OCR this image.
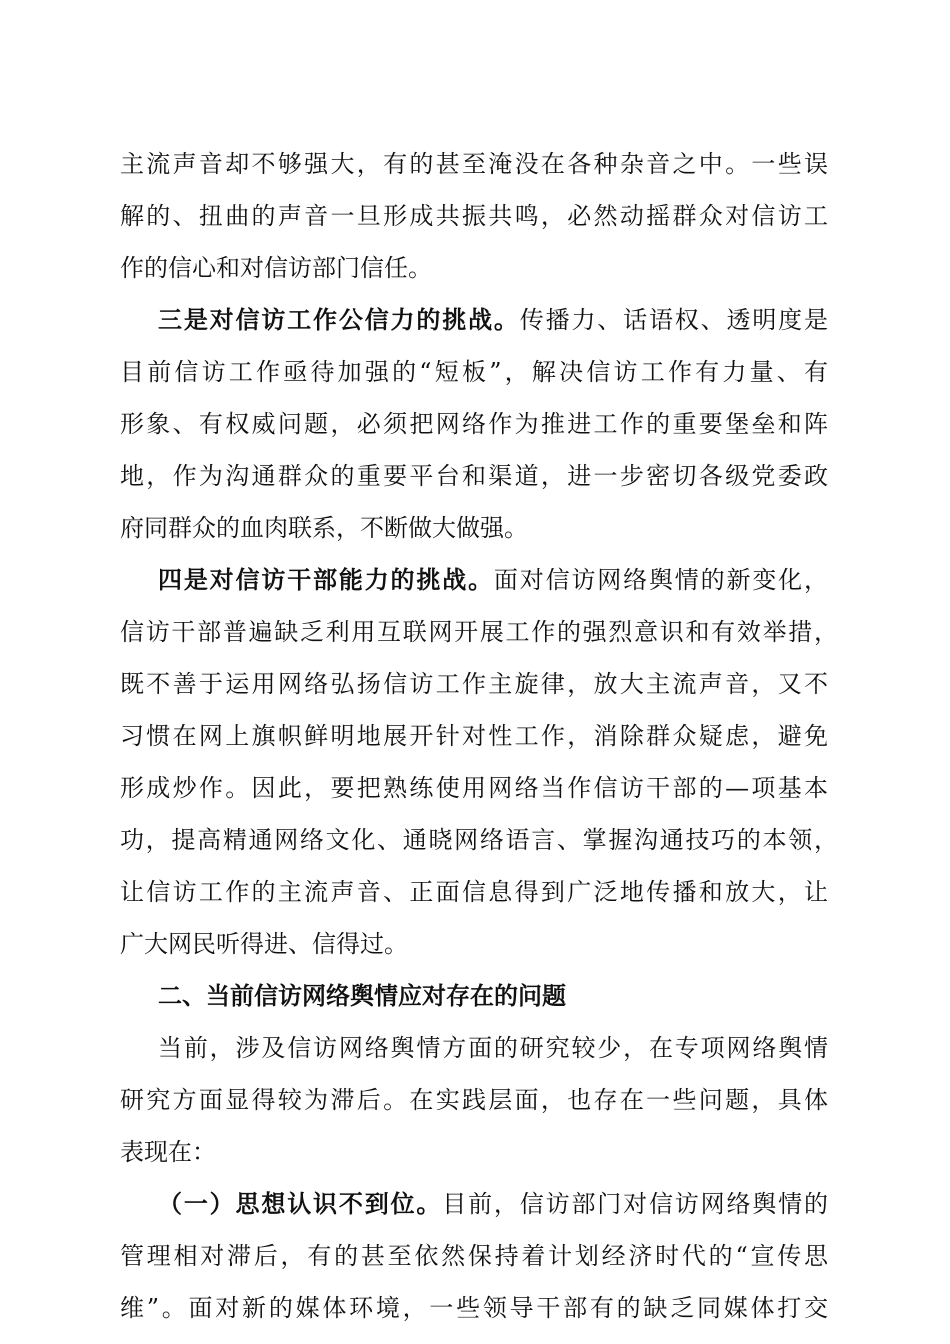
主流声音却不够强大，有的甚至淹没在各种杂音之中。一些误
解的、扭曲的声音一旦形成共振共鸣，必然动摇群众对信访工
作的信心和对信访部门信任。
三是对信访工作公信力的挑战。传播力、话语权、透明度是
目前信访工作亟待加强的“短板”，解决信访工作有力量、有
形象、有权威问题，必须把网络作为推进工作的重要堡垒和阵
地，作为沟通群众的重要平台和渠道，进一步密切各级党委政
府同群众的血肉联系，不断做大做强。
四是对信访干部能力的挑战。面对信访网络舆情的新变化，
信访干部普遍缺乏利用互联网开展工作的强烈意识和有效举措，
既不善于运用网络弘扬信访工作主旋律，放大主流声音，又不
习惯在网上旗帜鲜明地展开针对性工作，消除群众疑虑，避免
形成炒作。因此，要把熟练使用网络当作信访干部的—项基本
功，提高精通网络文化、通晓网络语言、掌握沟通技巧的本领，
让信访工作的主流声音、正面信息得到广泛地传播和放大，让
广大网民听得进、信得过。
二、当前信访网络舆情应对存在的问题
当前，涉及信访网络舆情方面的研究较少，在专项网络舆情
研究方面显得较为滞后。在实践层面，也存在一些问题，具体
表现在：
（一）思想认识不到位。目前，信访部门对信访网络舆情的
管理相对滞后，有的甚至依然保持着计划经济时代的“宣传思
维”。面对新的媒体环境，一些领导干部有的缺乏同媒体打交
